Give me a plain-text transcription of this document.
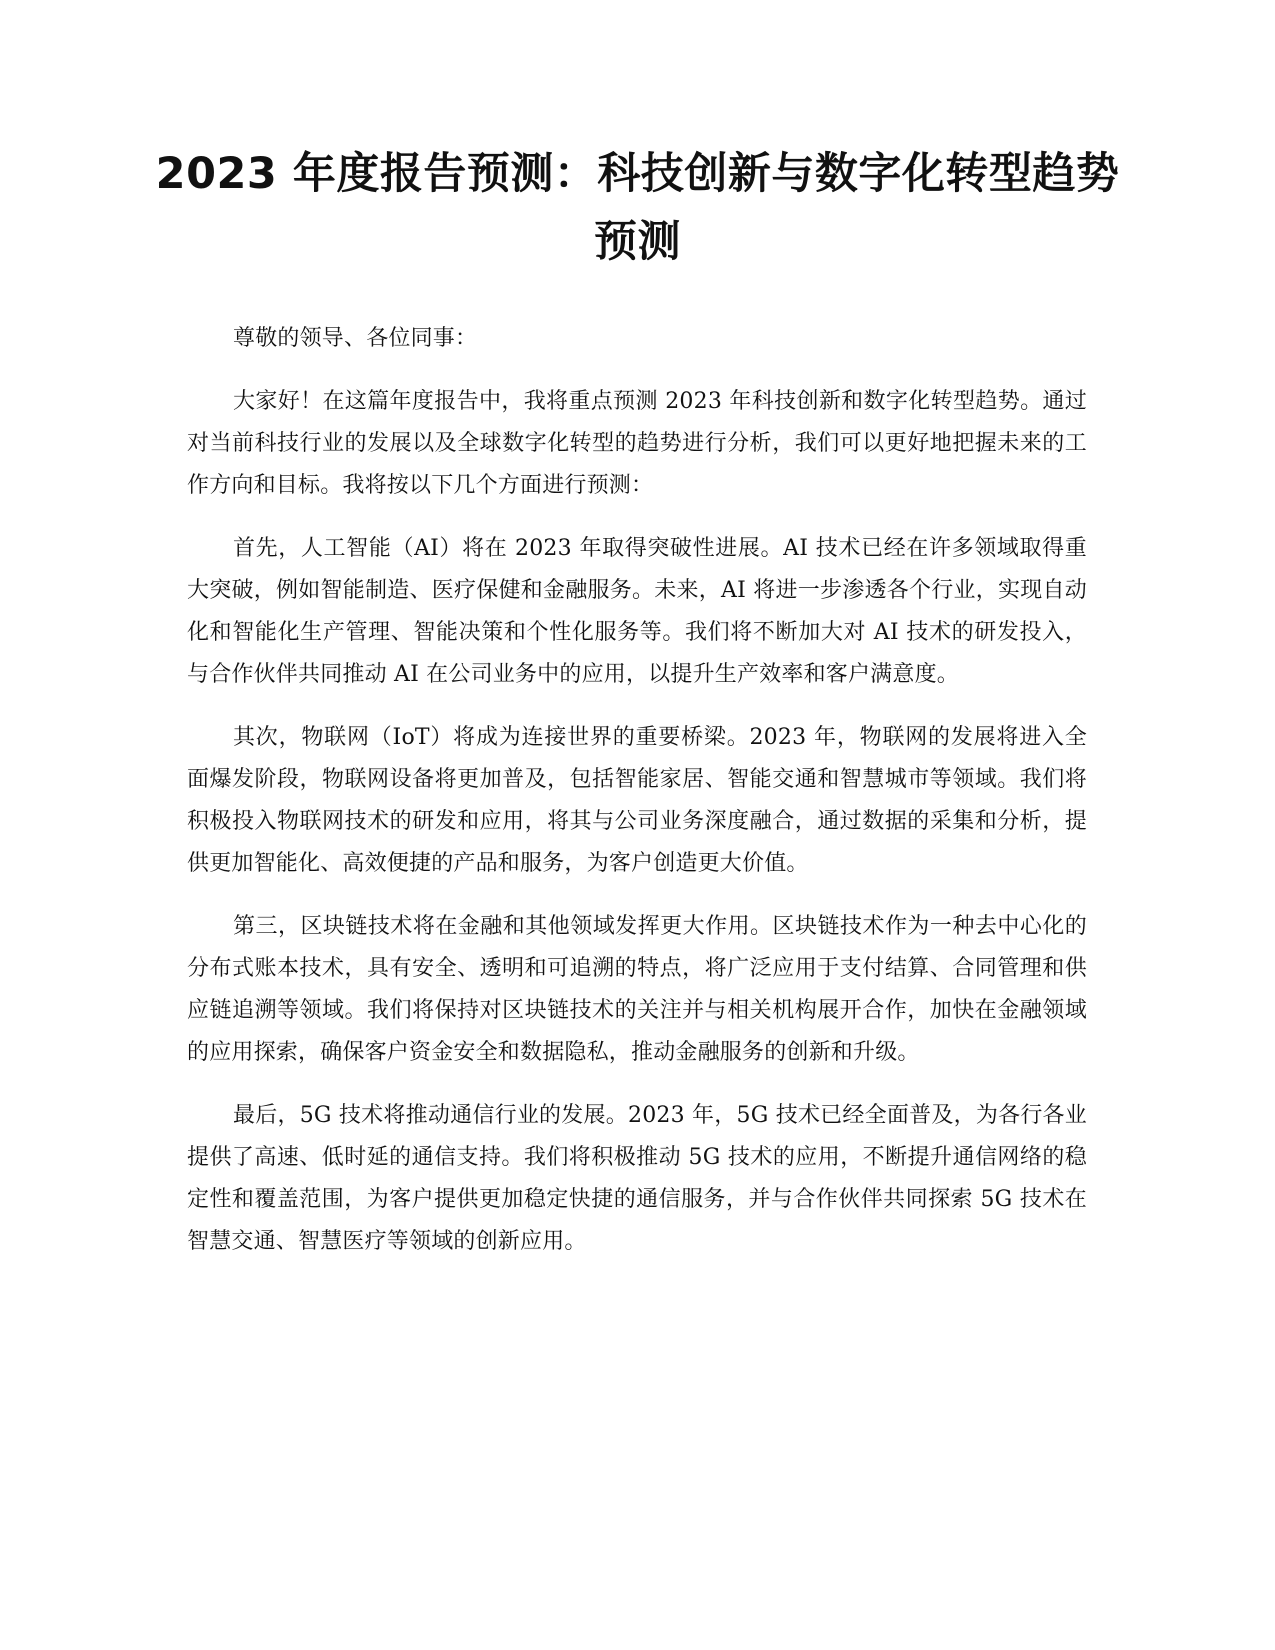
2023 年度报告预测：科技创新与数字化转型趋势预测

尊敬的领导、各位同事：

大家好！在这篇年度报告中，我将重点预测 2023 年科技创新和数字化转型趋势。通过对当前科技行业的发展以及全球数字化转型的趋势进行分析，我们可以更好地把握未来的工作方向和目标。我将按以下几个方面进行预测：

首先，人工智能（AI）将在 2023 年取得突破性进展。AI 技术已经在许多领域取得重大突破，例如智能制造、医疗保健和金融服务。未来，AI 将进一步渗透各个行业，实现自动化和智能化生产管理、智能决策和个性化服务等。我们将不断加大对 AI 技术的研发投入，与合作伙伴共同推动 AI 在公司业务中的应用，以提升生产效率和客户满意度。

其次，物联网（IoT）将成为连接世界的重要桥梁。2023 年，物联网的发展将进入全面爆发阶段，物联网设备将更加普及，包括智能家居、智能交通和智慧城市等领域。我们将积极投入物联网技术的研发和应用，将其与公司业务深度融合，通过数据的采集和分析，提供更加智能化、高效便捷的产品和服务，为客户创造更大价值。

第三，区块链技术将在金融和其他领域发挥更大作用。区块链技术作为一种去中心化的分布式账本技术，具有安全、透明和可追溯的特点，将广泛应用于支付结算、合同管理和供应链追溯等领域。我们将保持对区块链技术的关注并与相关机构展开合作，加快在金融领域的应用探索，确保客户资金安全和数据隐私，推动金融服务的创新和升级。

最后，5G 技术将推动通信行业的发展。2023 年，5G 技术已经全面普及，为各行各业提供了高速、低时延的通信支持。我们将积极推动 5G 技术的应用，不断提升通信网络的稳定性和覆盖范围，为客户提供更加稳定快捷的通信服务，并与合作伙伴共同探索 5G 技术在智慧交通、智慧医疗等领域的创新应用。
